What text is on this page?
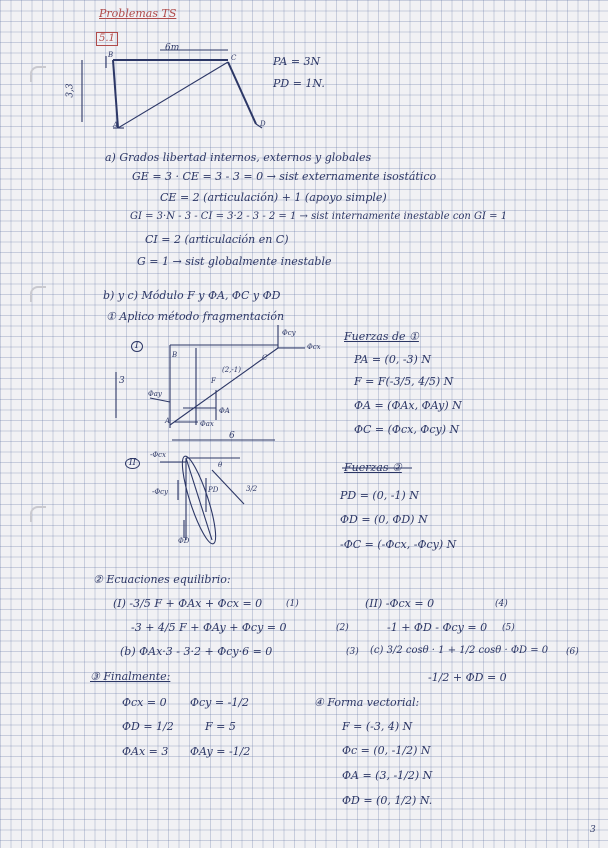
Problemas TS
5.1
6m
3,3
B
A
C
D
PA = 3N
PD = 1N.
a) Grados libertad internos, externos y globales
GE = 3 · CE = 3 - 3 = 0 → sist externamente isostático
CE = 2 (articulación) + 1 (apoyo simple)
GI = 3·N - 3 - CI = 3·2 - 3 - 2 = 1 → sist internamente inestable con GI = 1
CI = 2 (articulación en C)
G = 1 → sist globalmente inestable
b) y c) Módulo F y ΦA, ΦC y ΦD
① Aplico método fragmentación
I
Φcy
Φcx
C
B
(2,-1)
F
A	Φax
ΦA
Φay
3
6
II
-Φcx
-Φcy	PD
ΦD
θ
3/2
Fuerzas de ①
PA = (0, -3) N
F = F(-3/5, 4/5) N
ΦA = (ΦAx, ΦAy) N
ΦC = (Φcx, Φcy) N
Fuerzas ②
PD = (0, -1) N
ΦD = (0, ΦD) N
-ΦC = (-Φcx, -Φcy) N
② Ecuaciones equilibrio:
(I) -3/5 F + ΦAx + Φcx = 0	(1)
-3 + 4/5 F + ΦAy + Φcy = 0	(2)
(b) ΦAx·3 - 3·2 + Φcy·6 = 0	(3)
(II) -Φcx = 0	(4)
-1 + ΦD - Φcy = 0 (5)
(c) 3/2 cosθ · 1 + 1/2 cosθ · ΦD = 0 (6)
-1/2 + ΦD = 0
③ Finalmente:
Φcx = 0 Φcy = -1/2
ΦD = 1/2	F = 5
ΦAx = 3 ΦAy = -1/2
④ Forma vectorial:
F = (-3, 4) N
Φc = (0, -1/2) N
ΦA = (3, -1/2) N
ΦD = (0, 1/2) N.
3
